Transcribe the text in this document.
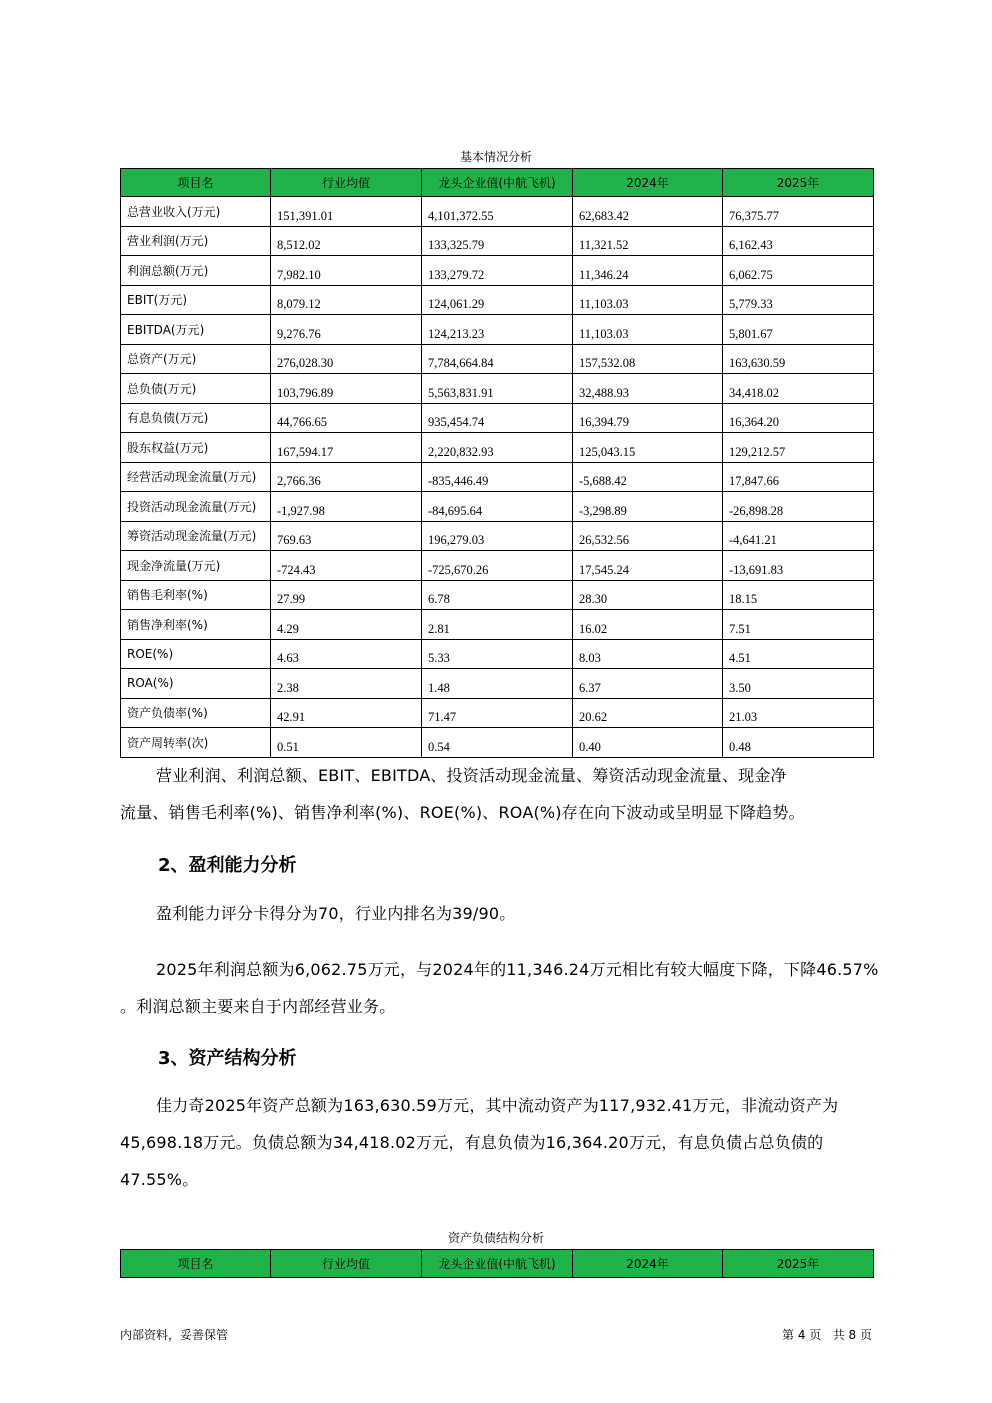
基本情况分析
项目名	行业均值	龙头企业值(中航飞机)	2024年	2025年
总营业收入(万元)	151,391.01	4,101,372.55	62,683.42	76,375.77
营业利润(万元)	8,512.02	133,325.79	11,321.52	6,162.43
利润总额(万元)	7,982.10	133,279.72	11,346.24	6,062.75
EBIT(万元)	8,079.12	124,061.29	11,103.03	5,779.33
EBITDA(万元)	9,276.76	124,213.23	11,103.03	5,801.67
总资产(万元)	276,028.30	7,784,664.84	157,532.08	163,630.59
总负债(万元)	103,796.89	5,563,831.91	32,488.93	34,418.02
有息负债(万元)	44,766.65	935,454.74	16,394.79	16,364.20
股东权益(万元)	167,594.17	2,220,832.93	125,043.15	129,212.57
经营活动现金流量(万元)	2,766.36	-835,446.49	-5,688.42	17,847.66
投资活动现金流量(万元)	-1,927.98	-84,695.64	-3,298.89	-26,898.28
筹资活动现金流量(万元)	769.63	196,279.03	26,532.56	-4,641.21
现金净流量(万元)	-724.43	-725,670.26	17,545.24	-13,691.83
销售毛利率(%)	27.99	6.78	28.30	18.15
销售净利率(%)	4.29	2.81	16.02	7.51
ROE(%)	4.63	5.33	8.03	4.51
ROA(%)	2.38	1.48	6.37	3.50
资产负债率(%)	42.91	71.47	20.62	21.03
资产周转率(次)	0.51	0.54	0.40	0.48
营业利润、利润总额、EBIT、EBITDA、投资活动现金流量、筹资活动现金流量、现金净
流量、销售毛利率(%)、销售净利率(%)、ROE(%)、ROA(%)存在向下波动或呈明显下降趋势。
2、盈利能力分析
盈利能力评分卡得分为70，行业内排名为39/90。
2025年利润总额为6,062.75万元，与2024年的11,346.24万元相比有较大幅度下降，下降46.57%
。利润总额主要来自于内部经营业务。
3、资产结构分析
佳力奇2025年资产总额为163,630.59万元，其中流动资产为117,932.41万元，非流动资产为
45,698.18万元。负债总额为34,418.02万元，有息负债为16,364.20万元，有息负债占总负债的
47.55%。
资产负债结构分析
项目名	行业均值	龙头企业值(中航飞机)	2024年	2025年
内部资料，妥善保管	第 4 页   共 8 页
